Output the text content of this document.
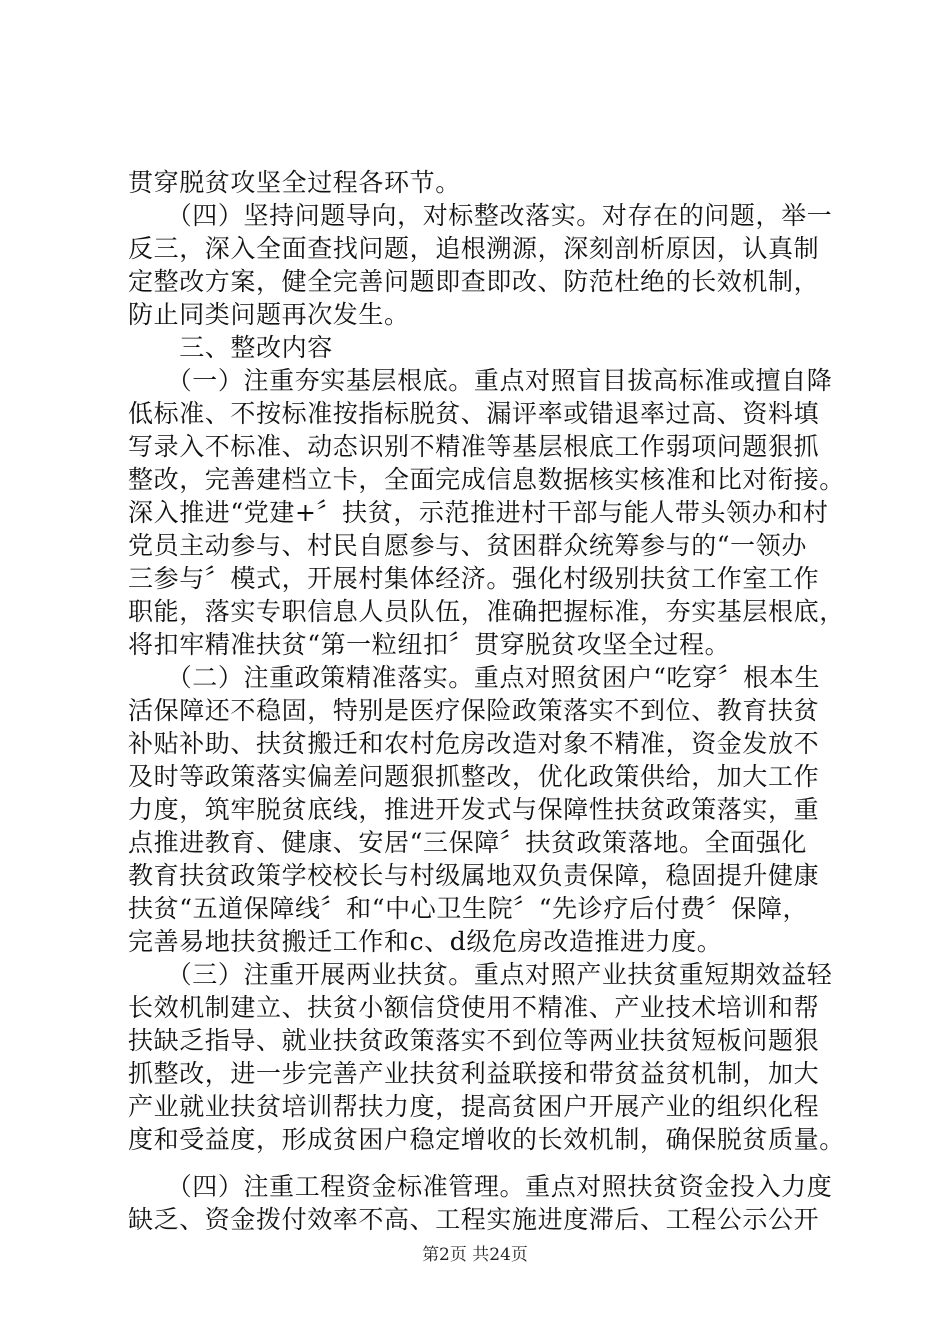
贯穿脱贫攻坚全过程各环节。
　　（四）坚持问题导向，对标整改落实。对存在的问题，举一
反三，深入全面查找问题，追根溯源，深刻剖析原因，认真制
定整改方案，健全完善问题即查即改、防范杜绝的长效机制，
防止同类问题再次发生。
　　三、整改内容
　　（一）注重夯实基层根底。重点对照盲目拔高标准或擅自降
低标准、不按标准按指标脱贫、漏评率或错退率过高、资料填
写录入不标准、动态识别不精准等基层根底工作弱项问题狠抓
整改，完善建档立卡，全面完成信息数据核实核准和比对衔接。
深入推进“党建+〞扶贫，示范推进村干部与能人带头领办和村
党员主动参与、村民自愿参与、贫困群众统筹参与的“一领办
三参与〞模式，开展村集体经济。强化村级别扶贫工作室工作
职能，落实专职信息人员队伍，准确把握标准，夯实基层根底，
将扣牢精准扶贫“第一粒纽扣〞贯穿脱贫攻坚全过程。
　　（二）注重政策精准落实。重点对照贫困户“吃穿〞根本生
活保障还不稳固，特别是医疗保险政策落实不到位、教育扶贫
补贴补助、扶贫搬迁和农村危房改造对象不精准，资金发放不
及时等政策落实偏差问题狠抓整改，优化政策供给，加大工作
力度，筑牢脱贫底线，推进开发式与保障性扶贫政策落实，重
点推进教育、健康、安居“三保障〞扶贫政策落地。全面强化
教育扶贫政策学校校长与村级属地双负责保障，稳固提升健康
扶贫“五道保障线〞和“中心卫生院〞“先诊疗后付费〞保障，
完善易地扶贫搬迁工作和c、d级危房改造推进力度。
　　（三）注重开展两业扶贫。重点对照产业扶贫重短期效益轻
长效机制建立、扶贫小额信贷使用不精准、产业技术培训和帮
扶缺乏指导、就业扶贫政策落实不到位等两业扶贫短板问题狠
抓整改，进一步完善产业扶贫利益联接和带贫益贫机制，加大
产业就业扶贫培训帮扶力度，提高贫困户开展产业的组织化程
度和受益度，形成贫困户稳定增收的长效机制，确保脱贫质量。
　　（四）注重工程资金标准管理。重点对照扶贫资金投入力度
缺乏、资金拨付效率不高、工程实施进度滞后、工程公示公开
第2页 共24页
